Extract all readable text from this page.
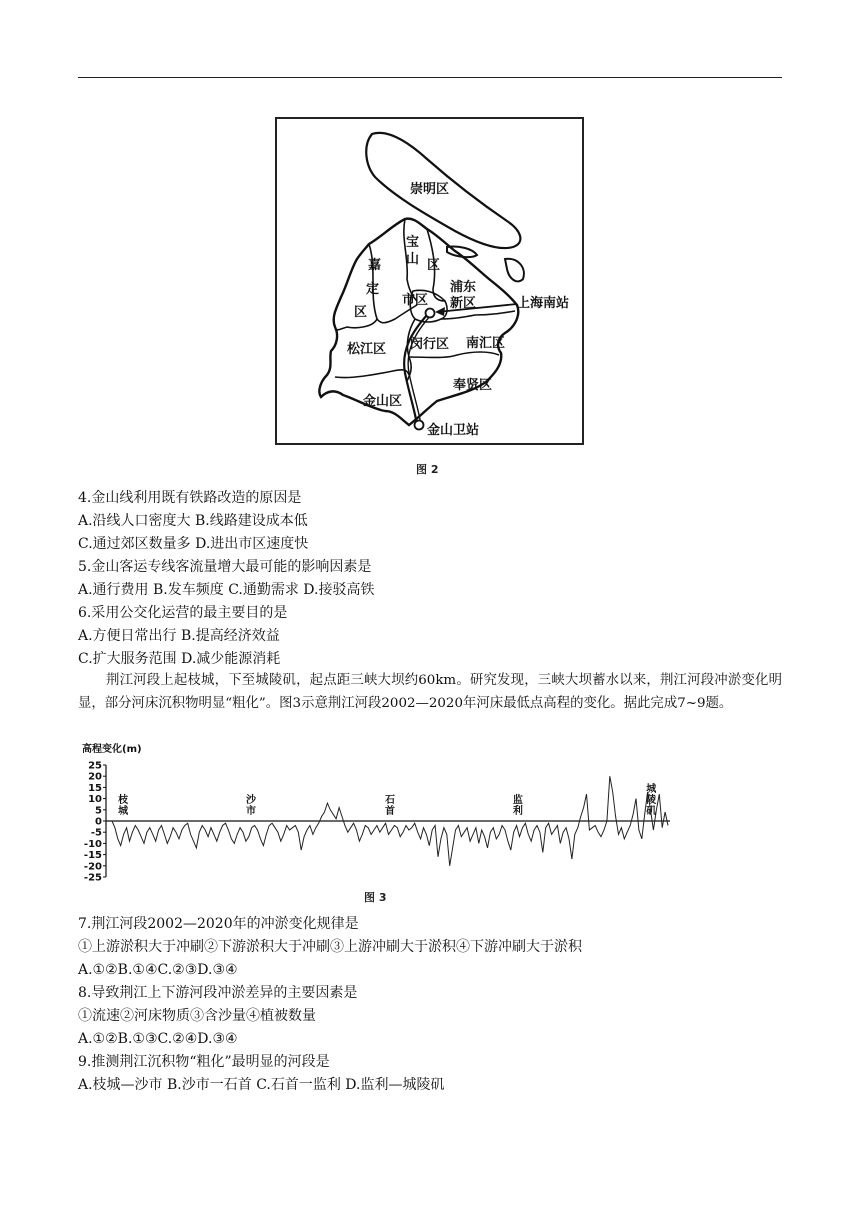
崇明区
宝
山 区
嘉
定
区
市区
浦东
新区
松江区 闵行区 南汇区
奉贤区
金山区
上海南站
金山卫站
图 2
4.金山线利用既有铁路改造的原因是
A.沿线人口密度大 B.线路建设成本低
C.通过郊区数量多 D.进出市区速度快
5.金山客运专线客流量增大最可能的影响因素是
A.通行费用 B.发车频度 C.通勤需求 D.接驳高铁
6.采用公交化运营的最主要目的是
A.方便日常出行 B.提高经济效益
C.扩大服务范围 D.减少能源消耗
荆江河段上起枝城，下至城陵矶，起点距三峡大坝约60km。研究发现，三峡大坝蓄水以来，荆江河段冲淤变化明显，部分河床沉积物明显“粗化”。图3示意荆江河段2002—2020年河床最低点高程的变化。据此完成7~9题。
高程变化(m)
25
20
15
10
5
0
-5
-10
-15
-20
-25
枝城
沙市
石首
监利
城陵矶
图 3
7.荆江河段2002—2020年的冲淤变化规律是
①上游淤积大于冲刷②下游淤积大于冲刷③上游冲刷大于淤积④下游冲刷大于淤积
A.①②B.①④C.②③D.③④
8.导致荆江上下游河段冲淤差异的主要因素是
①流速②河床物质③含沙量④植被数量
A.①②B.①③C.②④D.③④
9.推测荆江沉积物“粗化”最明显的河段是
A.枝城—沙市 B.沙市一石首 C.石首一监利 D.监利—城陵矶
